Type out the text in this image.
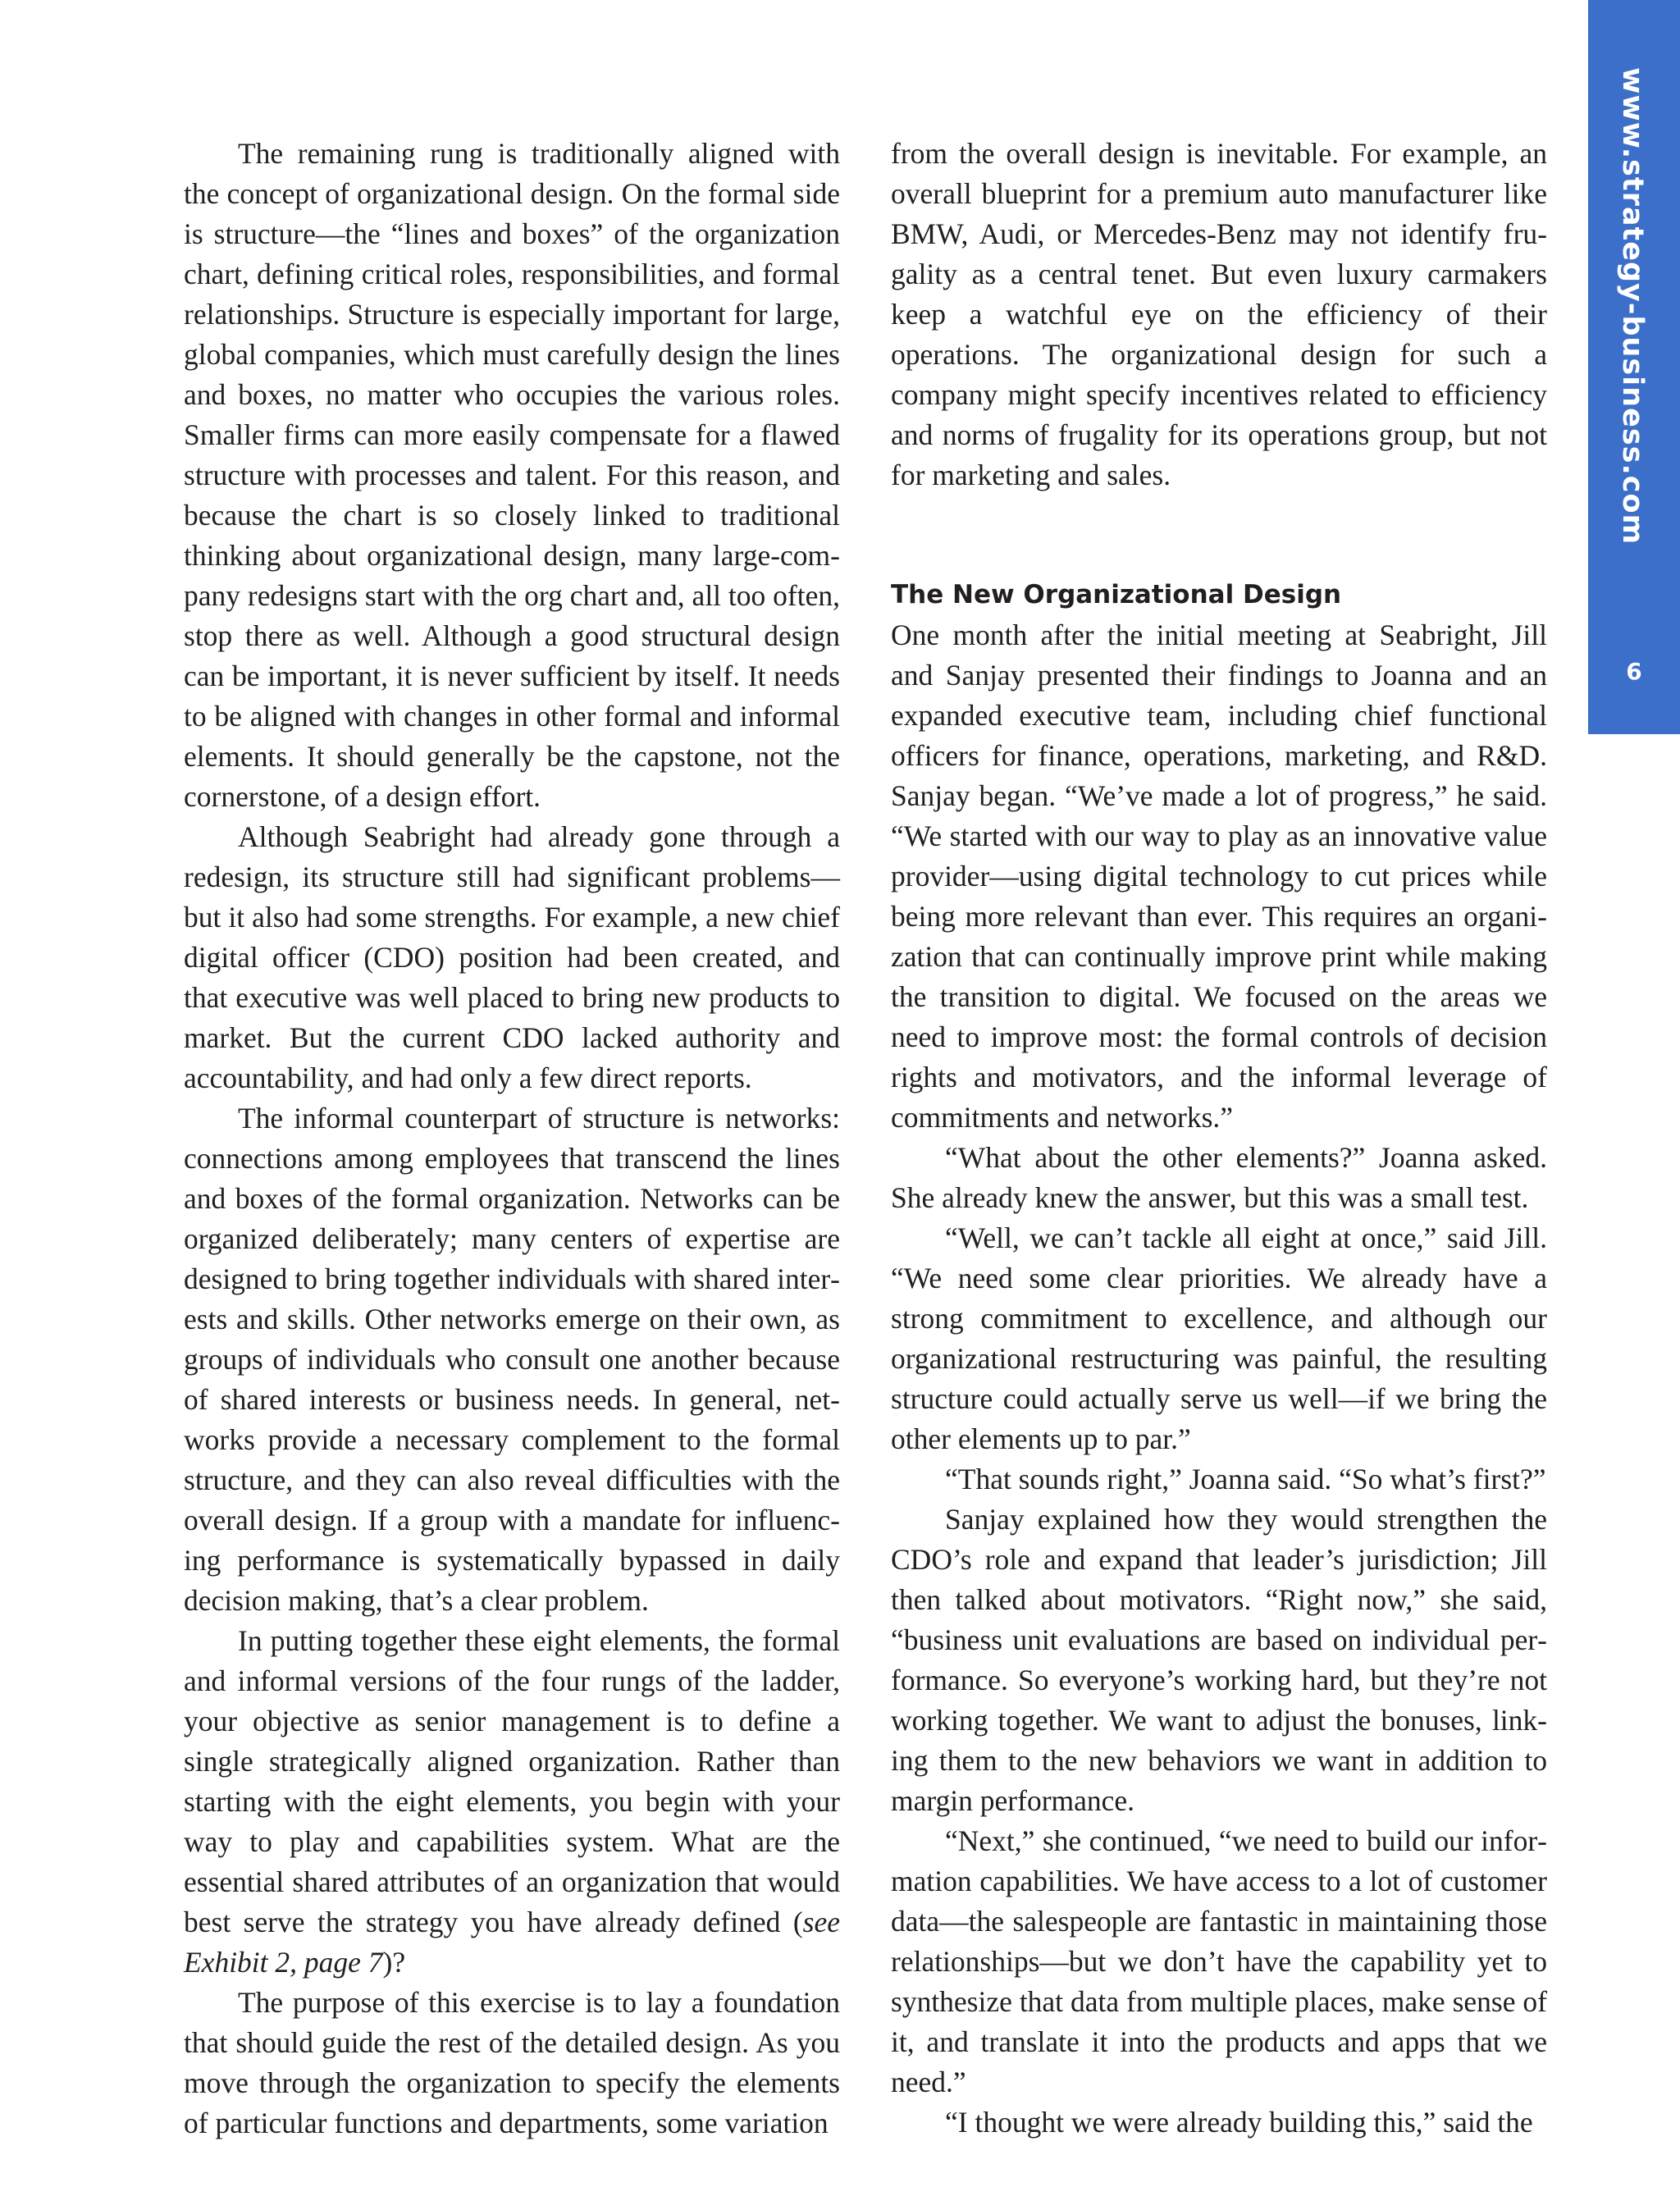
www.strategy-business.com
6

The remaining rung is traditionally aligned with the concept of organizational design. On the formal side is structure—the “lines and boxes” of the organization chart, defining critical roles, responsibilities, and formal relationships. Structure is especially important for large, global companies, which must carefully design the lines and boxes, no matter who occupies the various roles. Smaller firms can more easily compensate for a flawed structure with processes and talent. For this reason, and because the chart is so closely linked to traditional thinking about organizational design, many large-company redesigns start with the org chart and, all too often, stop there as well. Although a good structural design can be important, it is never sufficient by itself. It needs to be aligned with changes in other formal and informal elements. It should generally be the capstone, not the cornerstone, of a design effort.

Although Seabright had already gone through a redesign, its structure still had significant problems—but it also had some strengths. For example, a new chief digital officer (CDO) position had been created, and that executive was well placed to bring new products to market. But the current CDO lacked authority and accountability, and had only a few direct reports.

The informal counterpart of structure is networks: connections among employees that transcend the lines and boxes of the formal organization. Networks can be organized deliberately; many centers of expertise are designed to bring together individuals with shared interests and skills. Other networks emerge on their own, as groups of individuals who consult one another because of shared interests or business needs. In general, networks provide a necessary complement to the formal structure, and they can also reveal difficulties with the overall design. If a group with a mandate for influencing performance is systematically bypassed in daily decision making, that’s a clear problem.

In putting together these eight elements, the formal and informal versions of the four rungs of the ladder, your objective as senior management is to define a single strategically aligned organization. Rather than starting with the eight elements, you begin with your way to play and capabilities system. What are the essential shared attributes of an organization that would best serve the strategy you have already defined (see Exhibit 2, page 7)?

The purpose of this exercise is to lay a foundation that should guide the rest of the detailed design. As you move through the organization to specify the elements of particular functions and departments, some variation

from the overall design is inevitable. For example, an overall blueprint for a premium auto manufacturer like BMW, Audi, or Mercedes-Benz may not identify frugality as a central tenet. But even luxury carmakers keep a watchful eye on the efficiency of their operations. The organizational design for such a company might specify incentives related to efficiency and norms of frugality for its operations group, but not for marketing and sales.

The New Organizational Design

One month after the initial meeting at Seabright, Jill and Sanjay presented their findings to Joanna and an expanded executive team, including chief functional officers for finance, operations, marketing, and R&D. Sanjay began. “We’ve made a lot of progress,” he said. “We started with our way to play as an innovative value provider—using digital technology to cut prices while being more relevant than ever. This requires an organization that can continually improve print while making the transition to digital. We focused on the areas we need to improve most: the formal controls of decision rights and motivators, and the informal leverage of commitments and networks.”

“What about the other elements?” Joanna asked. She already knew the answer, but this was a small test.

“Well, we can’t tackle all eight at once,” said Jill. “We need some clear priorities. We already have a strong commitment to excellence, and although our organizational restructuring was painful, the resulting structure could actually serve us well—if we bring the other elements up to par.”

“That sounds right,” Joanna said. “So what’s first?”

Sanjay explained how they would strengthen the CDO’s role and expand that leader’s jurisdiction; Jill then talked about motivators. “Right now,” she said, “business unit evaluations are based on individual performance. So everyone’s working hard, but they’re not working together. We want to adjust the bonuses, linking them to the new behaviors we want in addition to margin performance.

“Next,” she continued, “we need to build our information capabilities. We have access to a lot of customer data—the salespeople are fantastic in maintaining those relationships—but we don’t have the capability yet to synthesize that data from multiple places, make sense of it, and translate it into the products and apps that we need.”

“I thought we were already building this,” said the
